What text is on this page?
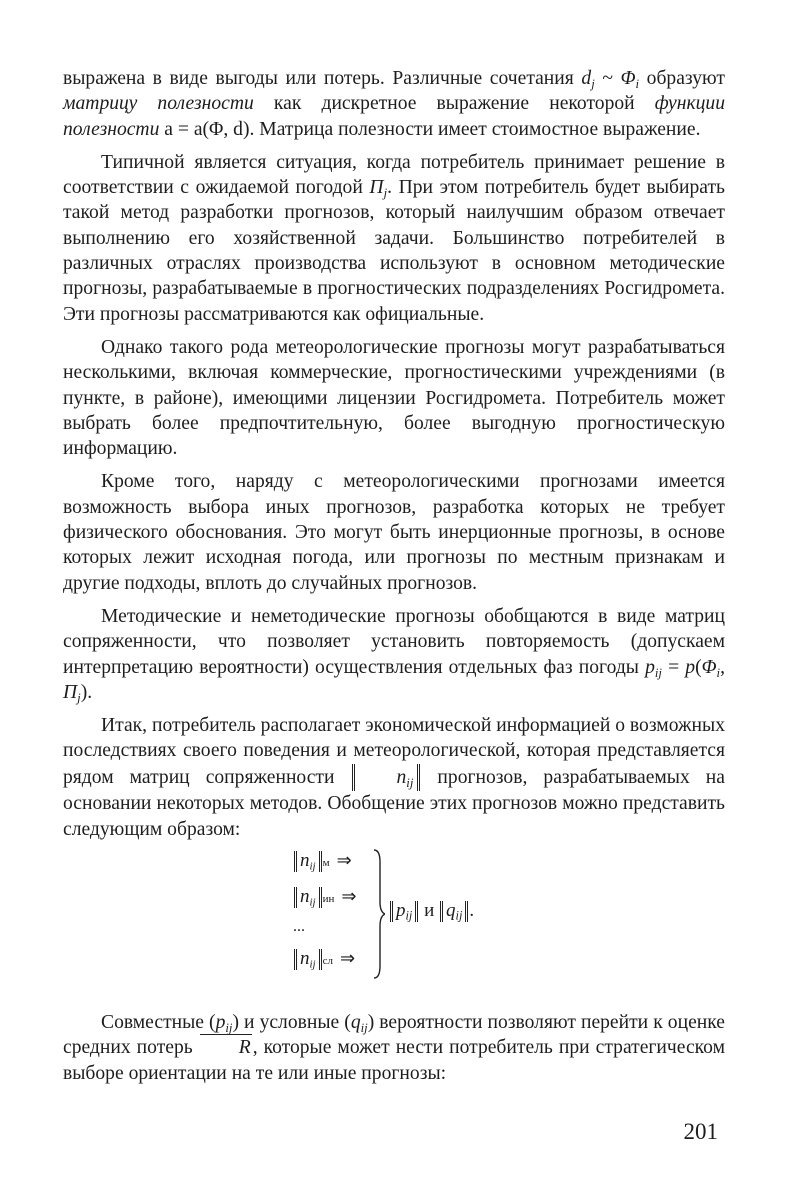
выражена в виде выгоды или потерь. Различные сочетания $d_j$ ~ $\Phi_i$ образуют матрицу полезности как дискретное выражение некоторой функции полезности a = a(Φ, d). Матрица полезности имеет стоимостное выражение.

Типичной является ситуация, когда потребитель принимает решение в соответствии с ожидаемой погодой $\Pi_j$. При этом потребитель будет выбирать такой метод разработки прогнозов, который наилучшим образом отвечает выполнению его хозяйственной задачи. Большинство потребителей в различных отраслях производства используют в основном методические прогнозы, разрабатываемые в прогностических подразделениях Росгидромета. Эти прогнозы рассматриваются как официальные.

Однако такого рода метеорологические прогнозы могут разрабатываться несколькими, включая коммерческие, прогностическими учреждениями (в пункте, в районе), имеющими лицензии Росгидромета. Потребитель может выбрать более предпочтительную, более выгодную прогностическую информацию.

Кроме того, наряду с метеорологическими прогнозами имеется возможность выбора иных прогнозов, разработка которых не требует физического обоснования. Это могут быть инерционные прогнозы, в основе которых лежит исходная погода, или прогнозы по местным признакам и другие подходы, вплоть до случайных прогнозов.

Методические и неметодические прогнозы обобщаются в виде матриц сопряженности, что позволяет установить повторяемость (допускаем интерпретацию вероятности) осуществления отдельных фаз погоды $p_{ij} = p(\Phi_i$, $\Pi_j$).

Итак, потребитель располагает экономической информацией о возможных последствиях своего поведения и метеорологической, которая представляется рядом матриц сопряженности $n_{ij}$ прогнозов, разрабатываемых на основании некоторых методов. Обобщение этих прогнозов можно представить следующим образом:

$n_{ij}$ м ⇒
$n_{ij}$ ин ⇒
...
$n_{ij}$ сл ⇒
$p_{ij}$ и $q_{ij}$ .

Совместные $(p_{ij})$ и условные $(q_{ij})$ вероятности позволяют перейти к оценке средних потерь R , которые может нести потребитель при стратегическом выборе ориентации на те или иные прогнозы:

201
